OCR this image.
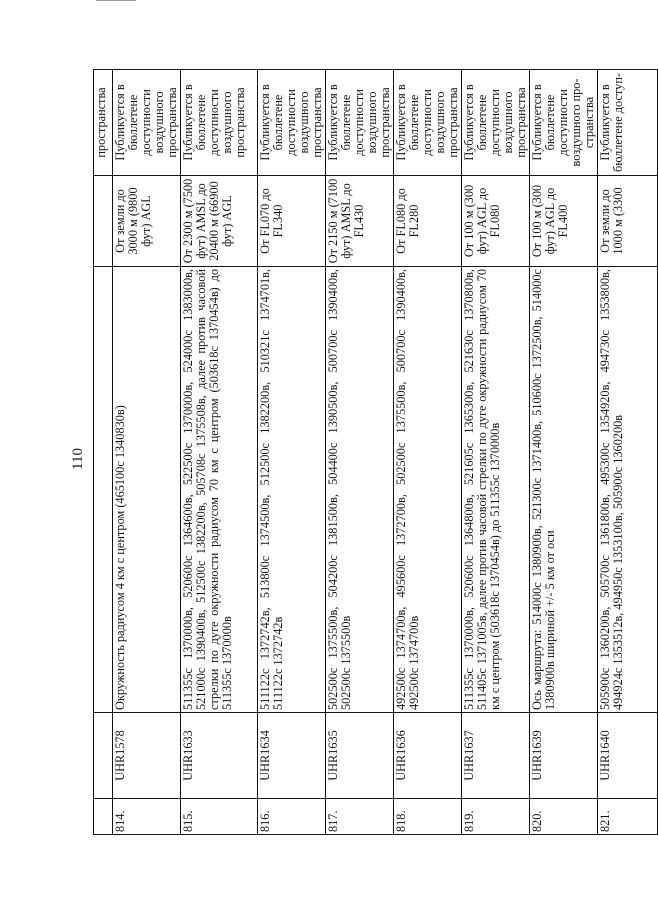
110
				пространства
814.	UHR1578	Окружность радиусом 4 км с центром (465100с 1340830в)	От земли до 3000 м (9800 фут) AGL	Публикуется в бюллетене доступности воздушного пространства
815.	UHR1633	511355с 1370000в, 520600с 1364600в, 522500с 1370000в, 524000с 1383000в, 521000с 1390400в, 512500с 1382200в, 505708с 1375508в, далее против часовой стрелки по дуге окружности радиусом 70 км с центром (503618с 1370454в) до 511355с 1370000в	От 2300 м (7500 фут) AMSL до 20400 м (66900 фут) AGL	Публикуется в бюллетене доступности воздушного пространства
816.	UHR1634	511122с 1372742в, 513800с 1374500в, 512500с 1382200в, 510321с 1374701в, 511122с 1372742в	От FL070 до FL340	Публикуется в бюллетене доступности воздушного пространства
817.	UHR1635	502500с 1375500в, 504200с 1381500в, 504400с 1390500в, 500700с 1390400в, 502500с 1375500в	От 2150 м (7100 фут) AMSL до FL430	Публикуется в бюллетене доступности воздушного пространства
818.	UHR1636	492500с 1374700в, 495600с 1372700в, 502500с 1375500в, 500700с 1390400в, 492500с 1374700в	От FL080 до FL280	Публикуется в бюллетене доступности воздушного пространства
819.	UHR1637	511355с 1370000в, 520600с 1364800в, 521605с 1365300в, 521630с 1370800в, 511405с 1371005в, далее против часовой стрелки по дуге окружности радиусом 70 км с центром (503618с 1370454в) до 511355с 1370000в	От 100 м (300 фут) AGL до FL080	Публикуется в бюллетене доступности воздушного пространства
820.	UHR1639	Ось маршрута: 514000с 1380900в, 521300с 1371400в, 510600с 1372500в, 514000с 1380900в шириной +/- 5 км от оси	От 100 м (300 фут) AGL до FL400	Публикуется в бюллетене доступности воздушного про-странства
821.	UHR1640	505900с 1360200в, 505700с 1361800в, 495300с 1354920в, 494730с 1353800в, 494924с 1353512в, 494950с 1353100в, 505900с 1360200в	От земли до 1000 м (3300	Публикуется в бюллетене доступ-
